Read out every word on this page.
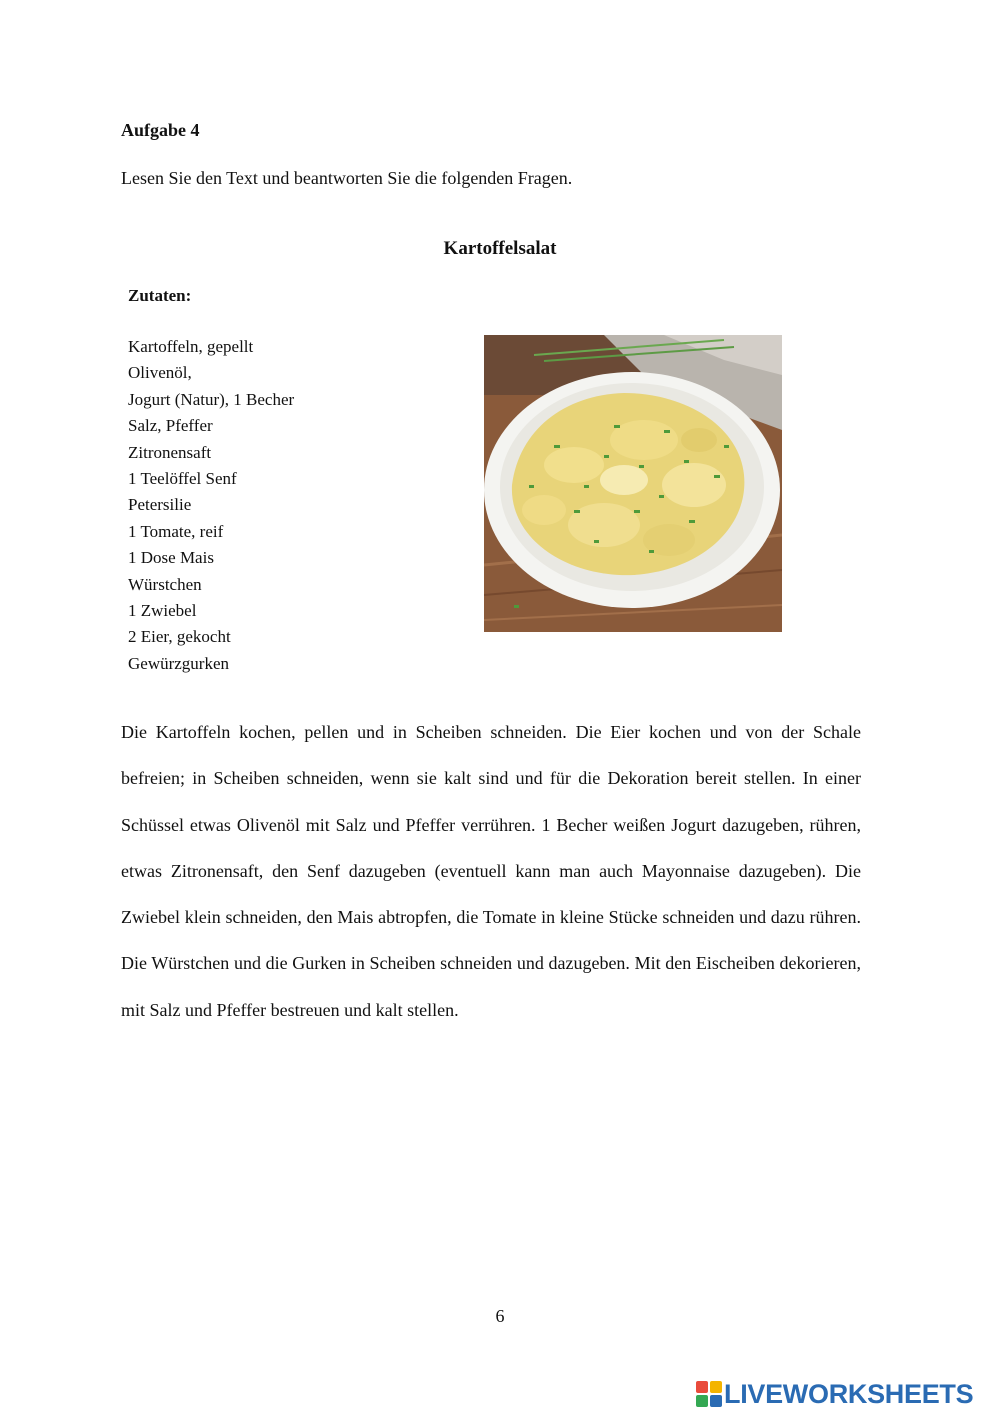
Aufgabe 4
Lesen Sie den Text und beantworten Sie die folgenden Fragen.
Kartoffelsalat
Zutaten:
Kartoffeln, gepellt
Olivenöl,
Jogurt (Natur), 1 Becher
Salz, Pfeffer
Zitronensaft
1 Teelöffel Senf
Petersilie
1 Tomate, reif
1 Dose Mais
Würstchen
1 Zwiebel
2 Eier, gekocht
Gewürzgurken

Die Kartoffeln kochen, pellen und in Scheiben schneiden. Die Eier kochen und von der Schale befreien; in Scheiben schneiden, wenn sie kalt sind und für die Dekoration bereit stellen. In einer Schüssel etwas Olivenöl mit Salz und Pfeffer verrühren. 1 Becher weißen Jogurt dazugeben, rühren, etwas Zitronensaft, den Senf dazugeben (eventuell kann man auch Mayonnaise dazugeben). Die Zwiebel klein schneiden, den Mais abtropfen, die Tomate in kleine Stücke schneiden und dazu rühren. Die Würstchen und die Gurken in Scheiben schneiden und dazugeben. Mit den Eischeiben dekorieren, mit Salz und Pfeffer bestreuen und kalt stellen.

6
LIVEWORKSHEETS
